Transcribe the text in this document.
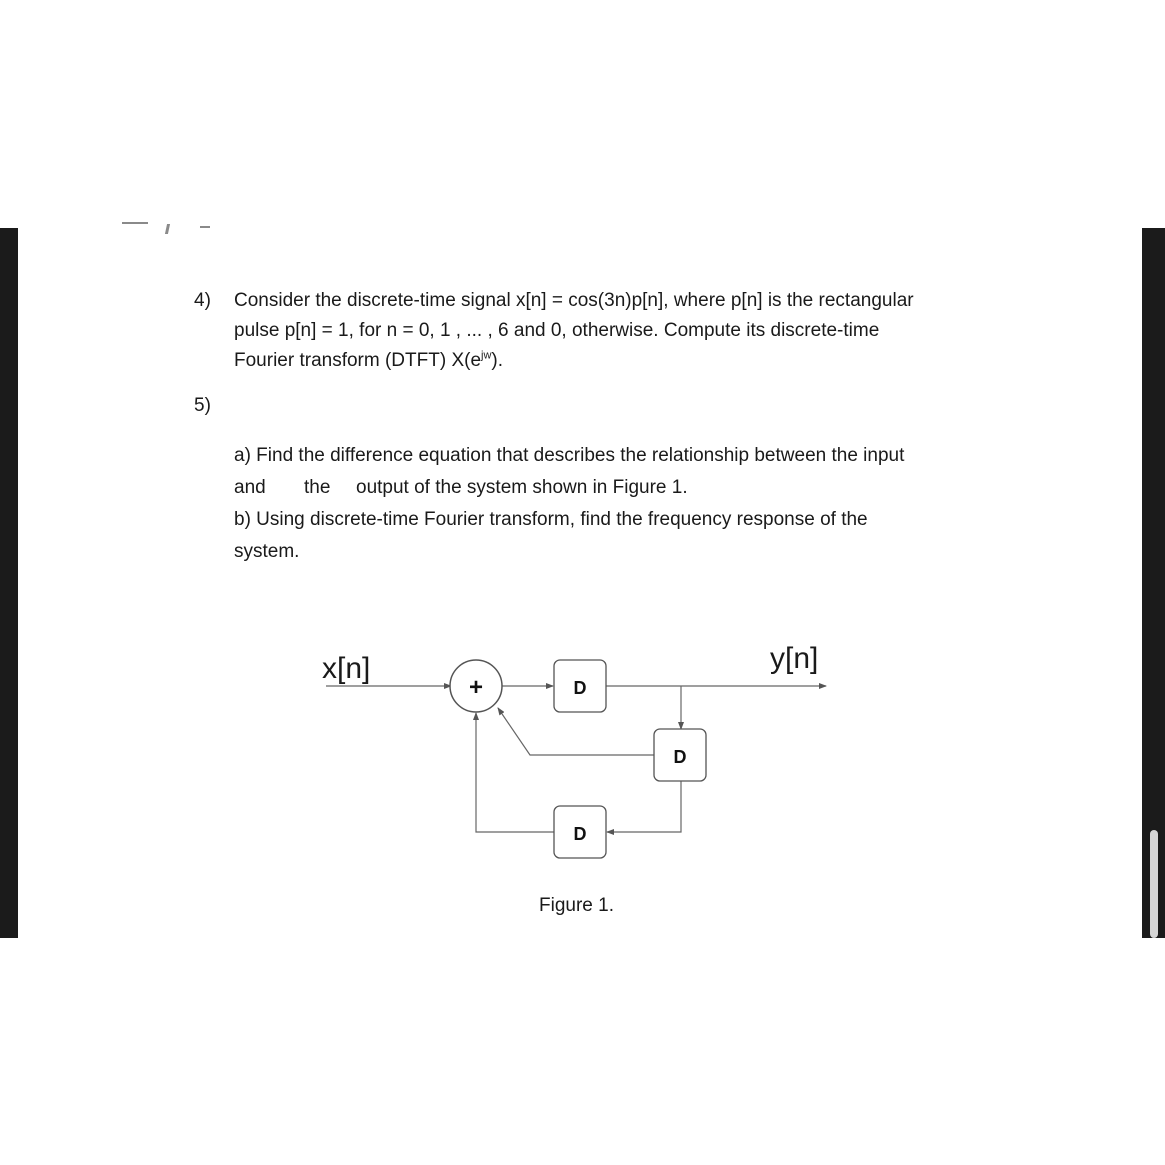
4) Consider the discrete-time signal x[n] = cos(3n)p[n], where p[n] is the rectangular
pulse p[n] = 1, for n = 0, 1 , ... , 6 and 0, otherwise. Compute its discrete-time
Fourier transform (DTFT) $X(e^{jw})$.
5)
a) Find the difference equation that describes the relationship between the input
and the output of the system shown in Figure 1.
b) Using discrete-time Fourier transform, find the frequency response of the
system.
+	D
D
D
x[n]	y[n]
Figure 1.
